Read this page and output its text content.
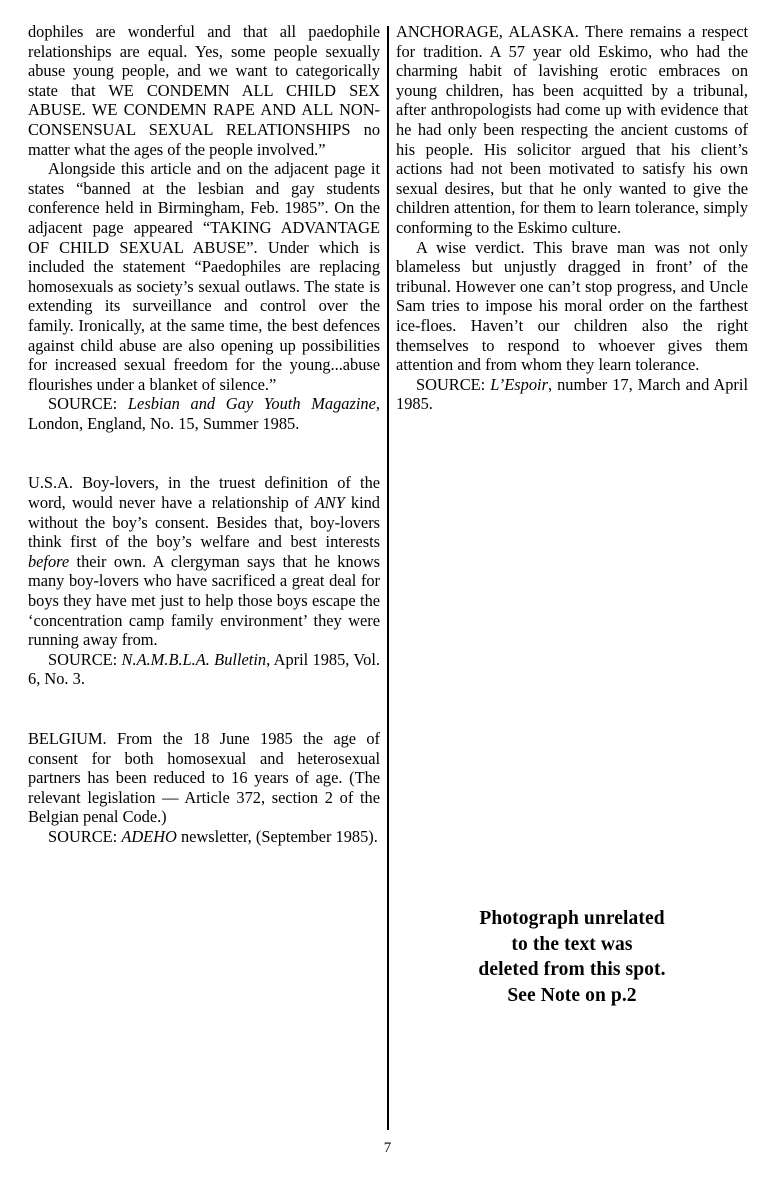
dophiles are wonderful and that all paedophile relationships are equal. Yes, some people sexually abuse young people, and we want to categorically state that WE CONDEMN ALL CHILD SEX ABUSE. WE CONDEMN RAPE AND ALL NON-CONSENSUAL SEXUAL RELATIONSHIPS no matter what the ages of the people involved.”

Alongside this article and on the adjacent page it states “banned at the lesbian and gay students conference held in Birmingham, Feb. 1985”. On the adjacent page appeared “TAKING ADVANTAGE OF CHILD SEXUAL ABUSE”. Under which is included the statement “Paedophiles are replacing homosexuals as society’s sexual outlaws. The state is extending its surveillance and control over the family. Ironically, at the same time, the best defences against child abuse are also opening up possibilities for increased sexual freedom for the young...abuse flourishes under a blanket of silence.”

SOURCE: Lesbian and Gay Youth Magazine, London, England, No. 15, Summer 1985.

U.S.A. Boy-lovers, in the truest definition of the word, would never have a relationship of ANY kind without the boy’s consent. Besides that, boy-lovers think first of the boy’s welfare and best interests before their own. A clergyman says that he knows many boy-lovers who have sacrificed a great deal for boys they have met just to help those boys escape the ‘concentration camp family environment’ they were running away from.

SOURCE: N.A.M.B.L.A. Bulletin, April 1985, Vol. 6, No. 3.

BELGIUM. From the 18 June 1985 the age of consent for both homosexual and heterosexual partners has been reduced to 16 years of age. (The relevant legislation — Article 372, section 2 of the Belgian penal Code.)

SOURCE: ADEHO newsletter, (September 1985).

ANCHORAGE, ALASKA. There remains a respect for tradition. A 57 year old Eskimo, who had the charming habit of lavishing erotic embraces on young children, has been acquitted by a tribunal, after anthropologists had come up with evidence that he had only been respecting the ancient customs of his people. His solicitor argued that his client’s actions had not been motivated to satisfy his own sexual desires, but that he only wanted to give the children attention, for them to learn tolerance, simply conforming to the Eskimo culture.

A wise verdict. This brave man was not only blameless but unjustly dragged in front’ of the tribunal. However one can’t stop progress, and Uncle Sam tries to impose his moral order on the farthest ice-floes. Haven’t our children also the right themselves to respond to whoever gives them attention and from whom they learn tolerance.

SOURCE: L’Espoir, number 17, March and April 1985.

Photograph unrelated
to the text was
deleted from this spot.
See Note on p.2
7
